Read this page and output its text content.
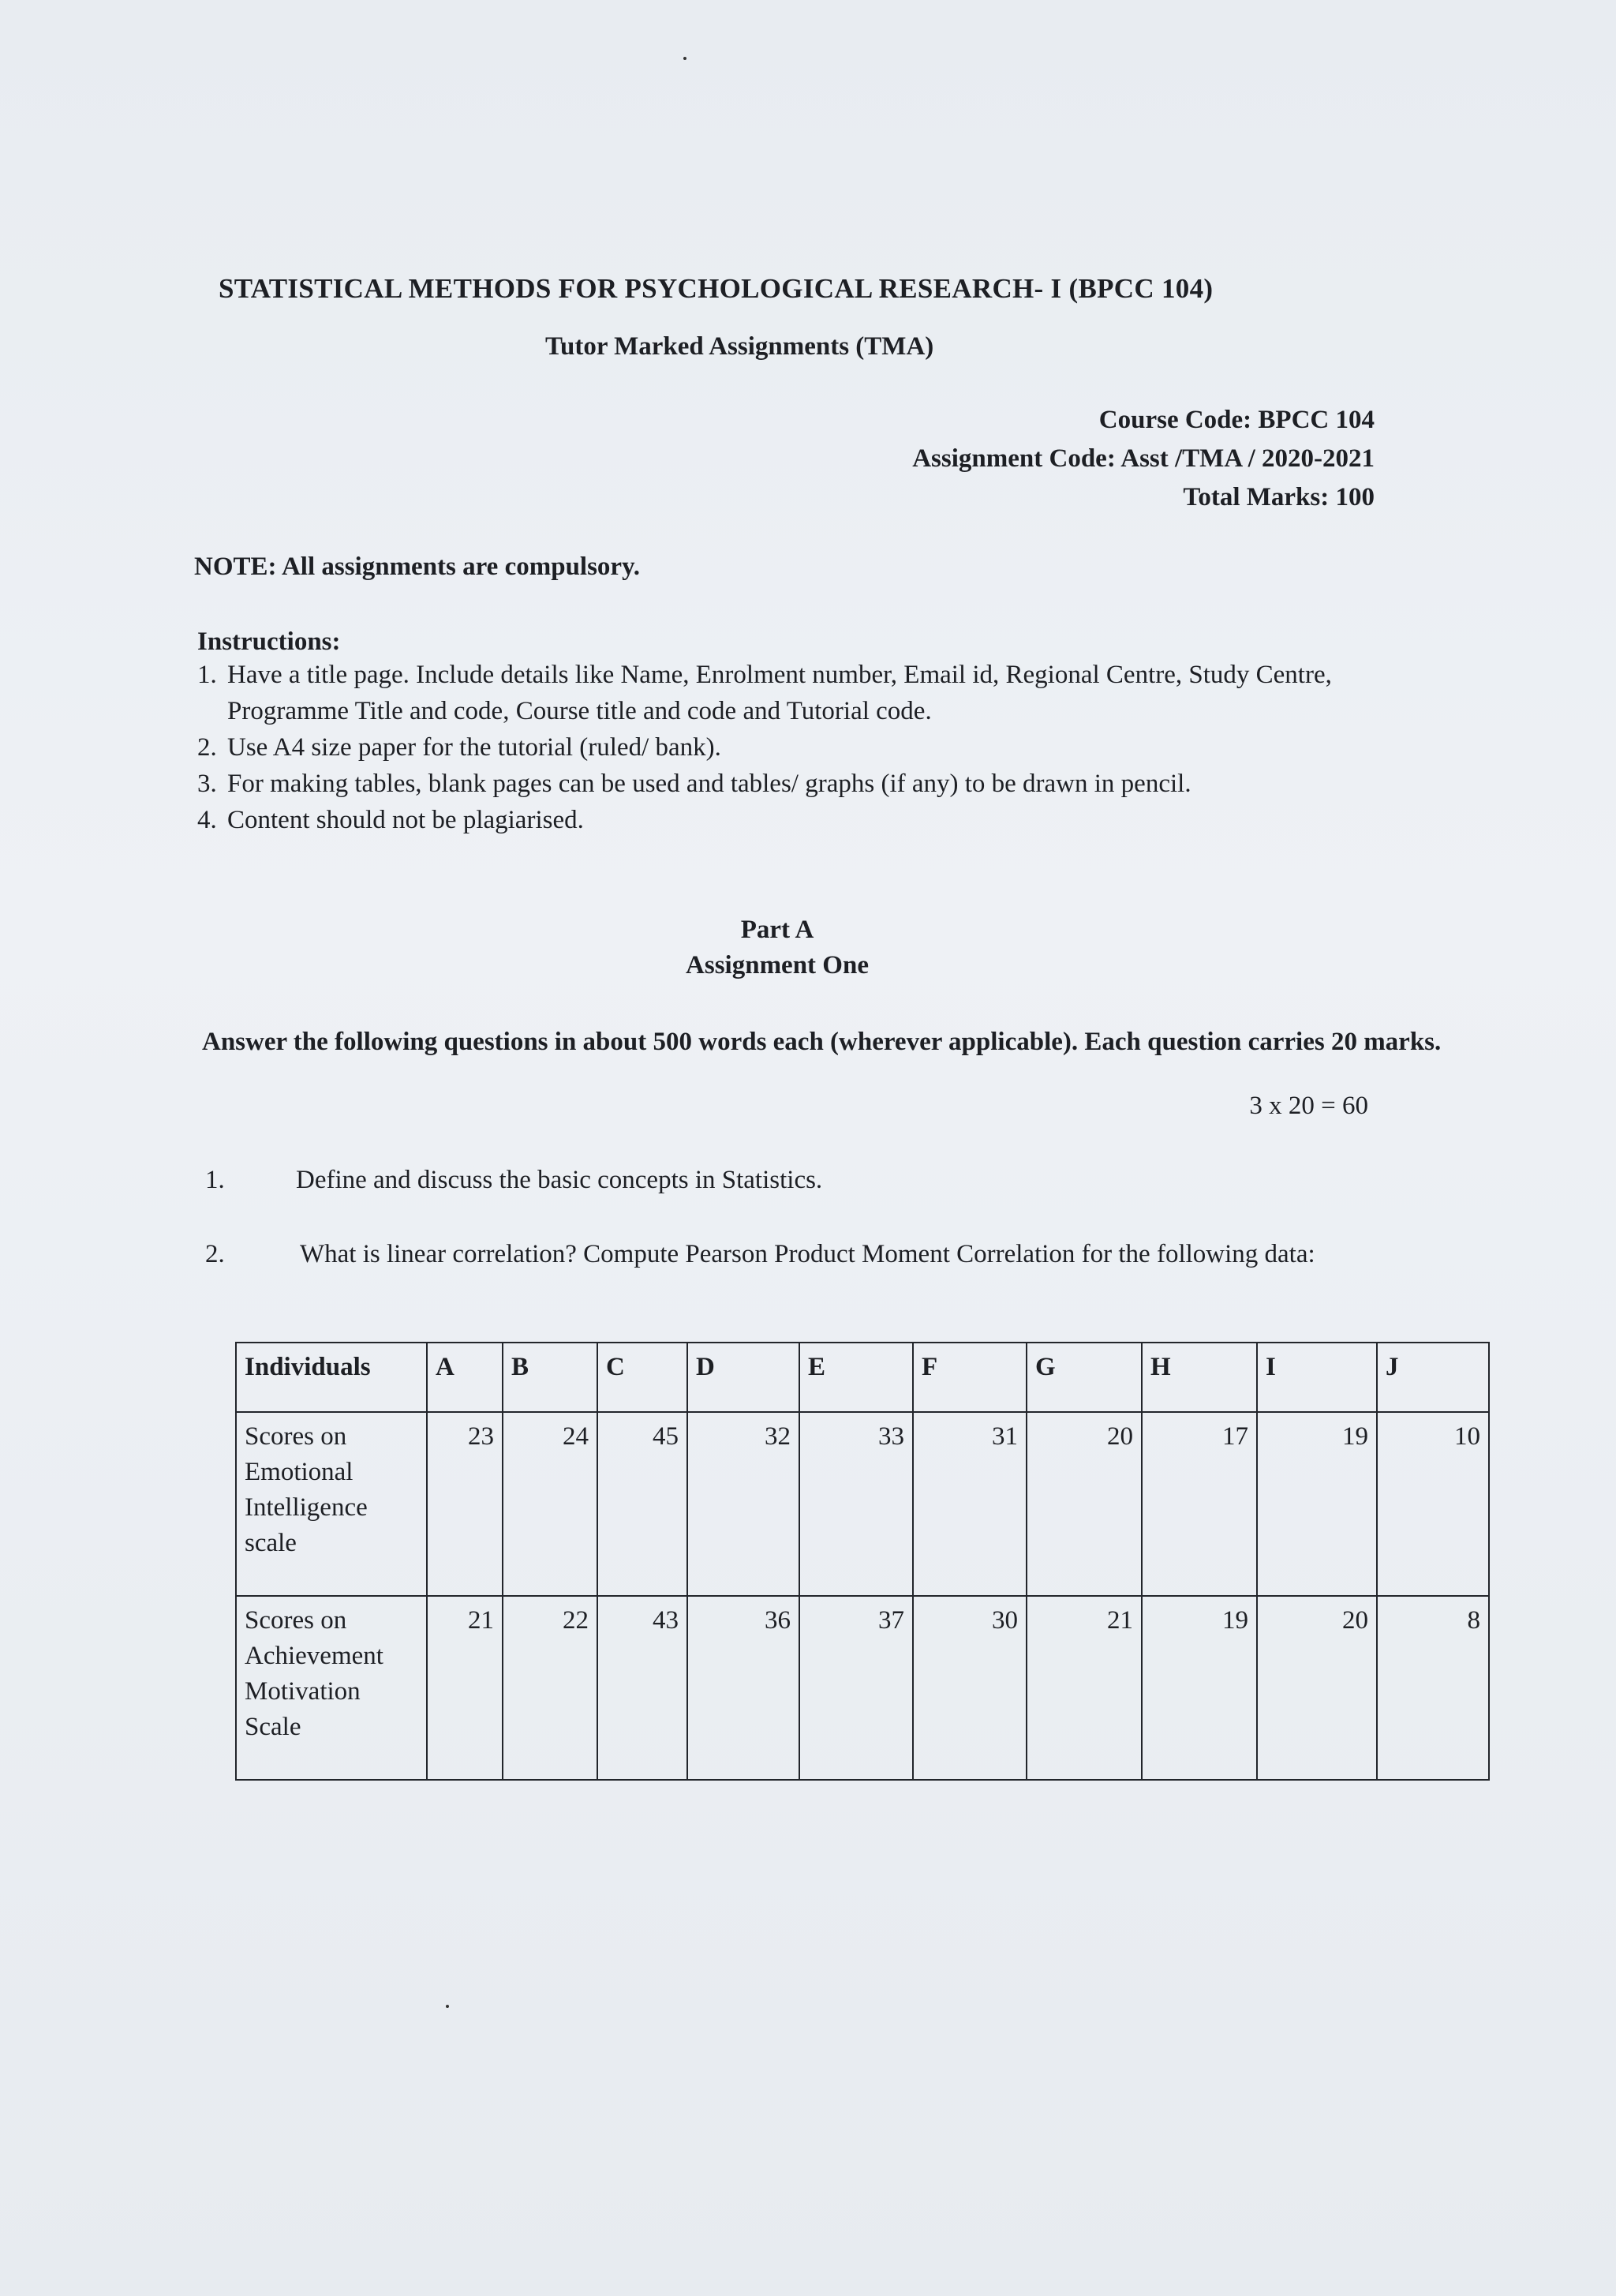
STATISTICAL METHODS FOR PSYCHOLOGICAL RESEARCH- I (BPCC 104)
Tutor Marked Assignments (TMA)
Course Code: BPCC 104
Assignment Code: Asst /TMA / 2020-2021
Total Marks: 100
NOTE: All assignments are compulsory.
Instructions:
1. Have a title page. Include details like Name, Enrolment number, Email id, Regional Centre, Study Centre, Programme Title and code, Course title and code and Tutorial code.
2. Use A4 size paper for the tutorial (ruled/ bank).
3. For making tables, blank pages can be used and tables/ graphs (if any) to be drawn in pencil.
4. Content should not be plagiarised.
Part A
Assignment One
Answer the following questions in about 500 words each (wherever applicable). Each question carries 20 marks.
3 x 20 = 60
1.	Define and discuss the basic concepts in Statistics.
2.	What is linear correlation? Compute Pearson Product Moment Correlation for the following data:
Individuals	A	B	C	D	E	F	G	H	I	J
Scores on Emotional Intelligence scale	23	24	45	32	33	31	20	17	19	10
Scores on Achievement Motivation Scale	21	22	43	36	37	30	21	19	20	8
